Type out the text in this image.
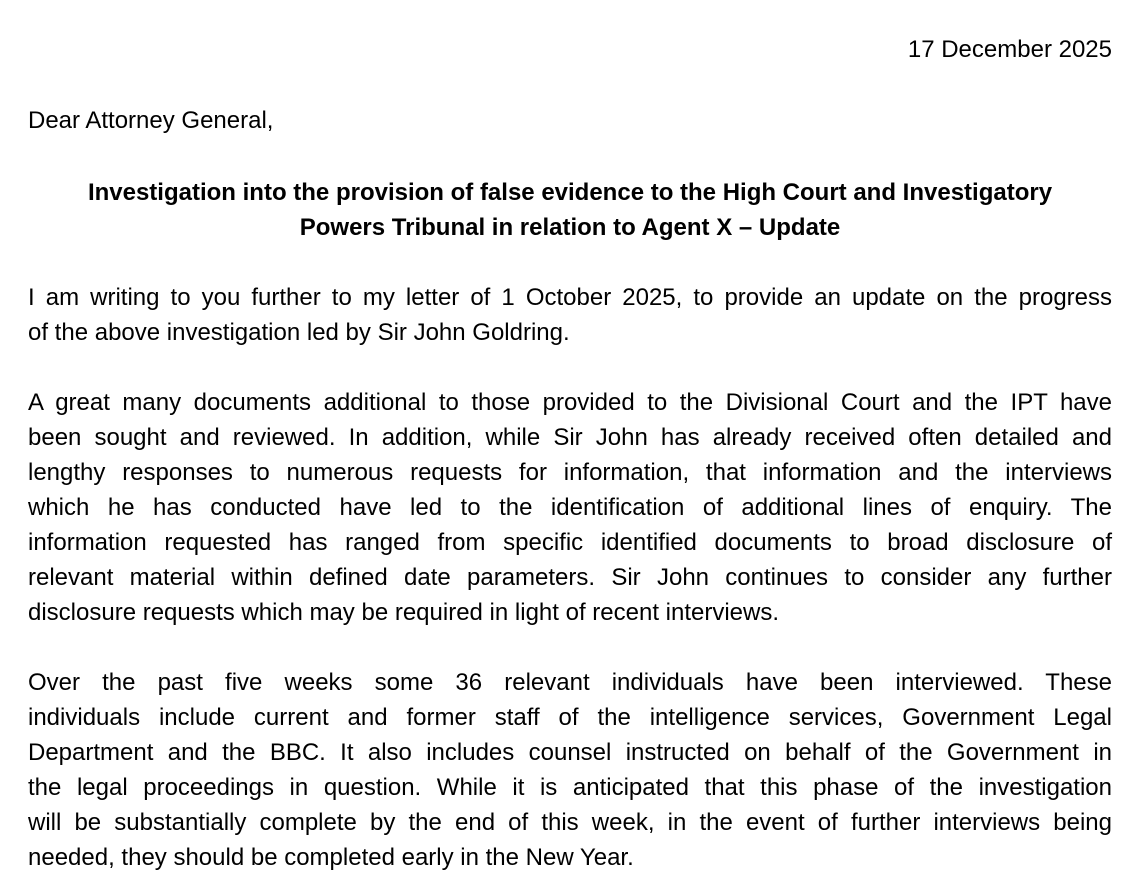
17 December 2025
Dear Attorney General,
Investigation into the provision of false evidence to the High Court and Investigatory
Powers Tribunal in relation to Agent X – Update
I am writing to you further to my letter of 1 October 2025, to provide an update on the progress
of the above investigation led by Sir John Goldring.
A great many documents additional to those provided to the Divisional Court and the IPT have
been sought and reviewed. In addition, while Sir John has already received often detailed and
lengthy responses to numerous requests for information, that information and the interviews
which he has conducted have led to the identification of additional lines of enquiry. The
information requested has ranged from specific identified documents to broad disclosure of
relevant material within defined date parameters. Sir John continues to consider any further
disclosure requests which may be required in light of recent interviews.
Over the past five weeks some 36 relevant individuals have been interviewed. These
individuals include current and former staff of the intelligence services, Government Legal
Department and the BBC. It also includes counsel instructed on behalf of the Government in
the legal proceedings in question. While it is anticipated that this phase of the investigation
will be substantially complete by the end of this week, in the event of further interviews being
needed, they should be completed early in the New Year.
